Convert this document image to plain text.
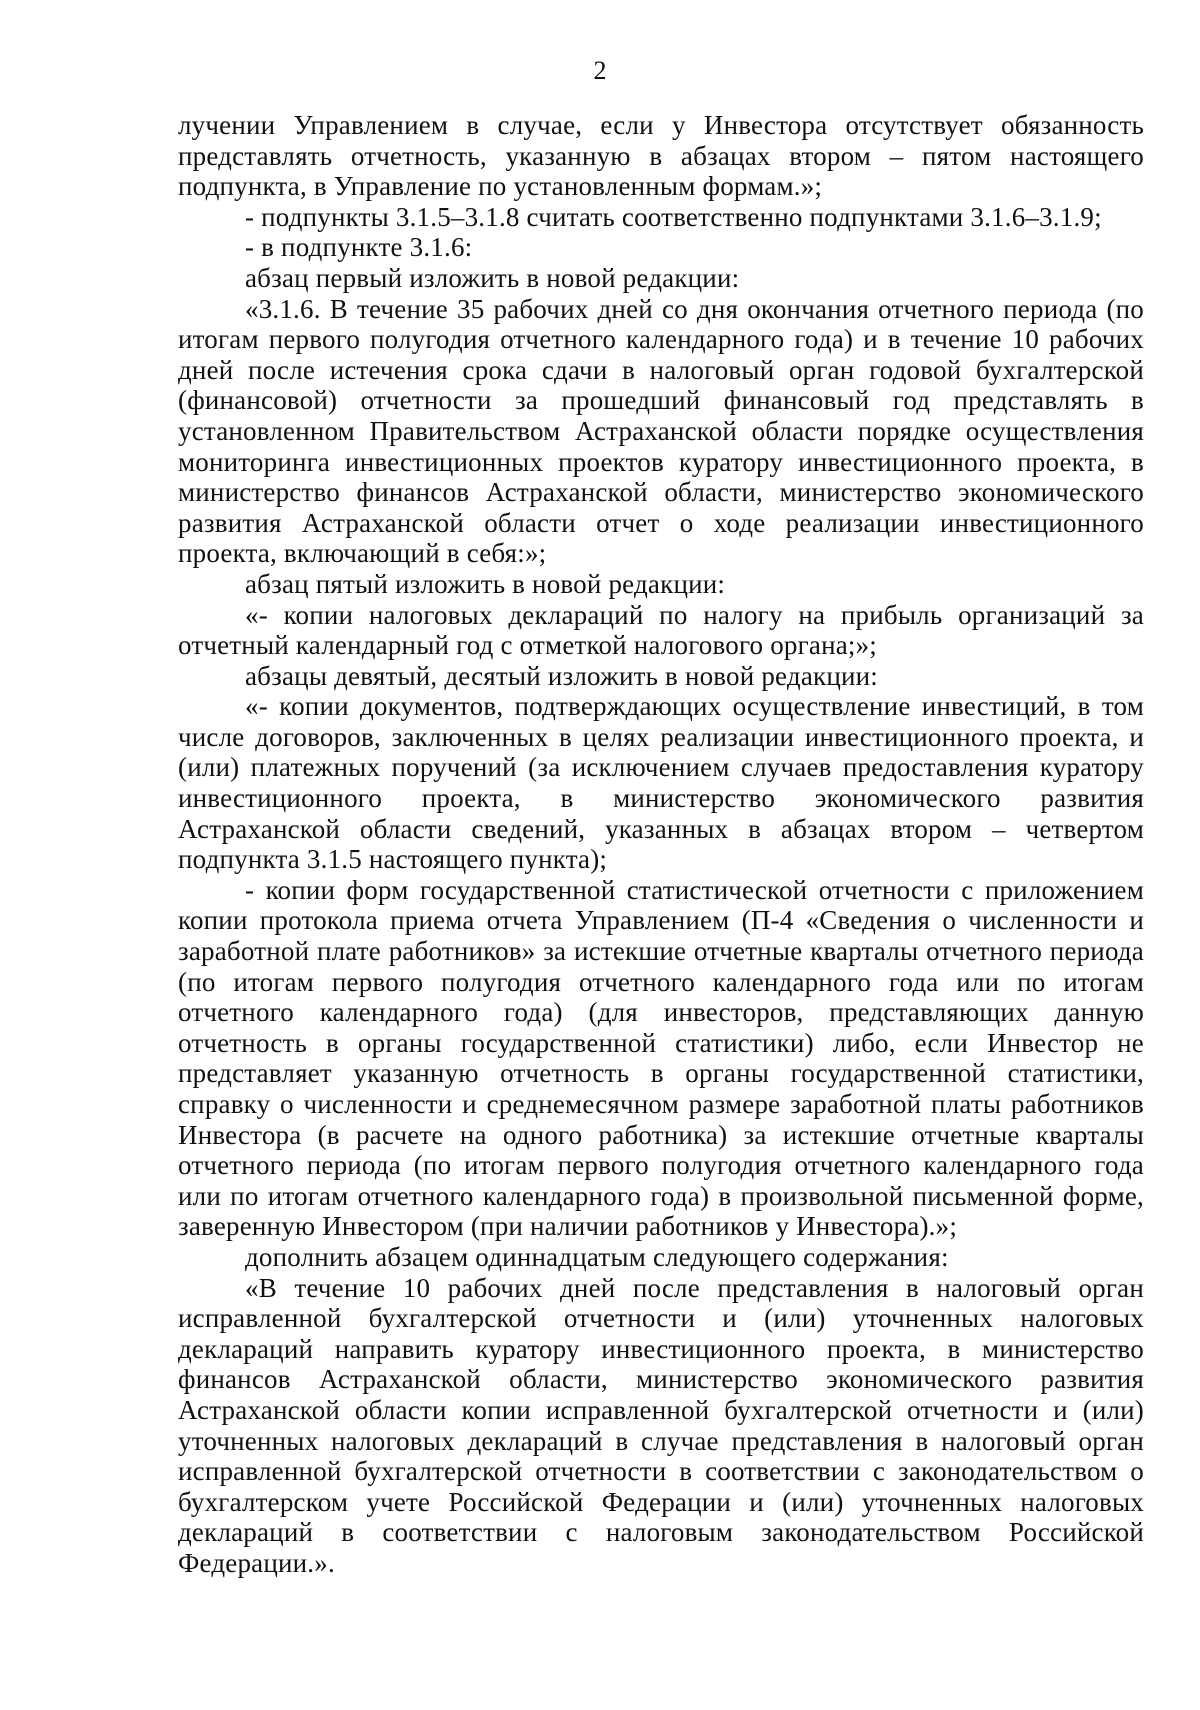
2

лучении Управлением в случае, если у Инвестора отсутствует обязанность представлять отчетность, указанную в абзацах втором – пятом настоящего подпункта, в Управление по установленным формам.»;

- подпункты 3.1.5–3.1.8 считать соответственно подпунктами 3.1.6–3.1.9;

- в подпункте 3.1.6:

абзац первый изложить в новой редакции:

«3.1.6. В течение 35 рабочих дней со дня окончания отчетного периода (по итогам первого полугодия отчетного календарного года) и в течение 10 рабочих дней после истечения срока сдачи в налоговый орган годовой бухгалтерской (финансовой) отчетности за прошедший финансовый год представлять в установленном Правительством Астраханской области порядке осуществления мониторинга инвестиционных проектов куратору инвестиционного проекта, в министерство финансов Астраханской области, министерство экономического развития Астраханской области отчет о ходе реализации инвестиционного проекта, включающий в себя:»;

абзац пятый изложить в новой редакции:

«- копии налоговых деклараций по налогу на прибыль организаций за отчетный календарный год с отметкой налогового органа;»;

абзацы девятый, десятый изложить в новой редакции:

«- копии документов, подтверждающих осуществление инвестиций, в том числе договоров, заключенных в целях реализации инвестиционного проекта, и (или) платежных поручений (за исключением случаев предоставления куратору инвестиционного проекта, в министерство экономического развития Астраханской области сведений, указанных в абзацах втором – четвертом подпункта 3.1.5 настоящего пункта);

- копии форм государственной статистической отчетности с приложением копии протокола приема отчета Управлением (П-4 «Сведения о численности и заработной плате работников» за истекшие отчетные кварталы отчетного периода (по итогам первого полугодия отчетного календарного года или по итогам отчетного календарного года) (для инвесторов, представляющих данную отчетность в органы государственной статистики) либо, если Инвестор не представляет указанную отчетность в органы государственной статистики, справку о численности и среднемесячном размере заработной платы работников Инвестора (в расчете на одного работника) за истекшие отчетные кварталы отчетного периода (по итогам первого полугодия отчетного календарного года или по итогам отчетного календарного года) в произвольной письменной форме, заверенную Инвестором (при наличии работников у Инвестора).»;

дополнить абзацем одиннадцатым следующего содержания:

«В течение 10 рабочих дней после представления в налоговый орган исправленной бухгалтерской отчетности и (или) уточненных налоговых деклараций направить куратору инвестиционного проекта, в министерство финансов Астраханской области, министерство экономического развития Астраханской области копии исправленной бухгалтерской отчетности и (или) уточненных налоговых деклараций в случае представления в налоговый орган исправленной бухгалтерской отчетности в соответствии с законодательством о бухгалтерском учете Российской Федерации и (или) уточненных налоговых деклараций в соответствии с налоговым законодательством Российской Федерации.».
